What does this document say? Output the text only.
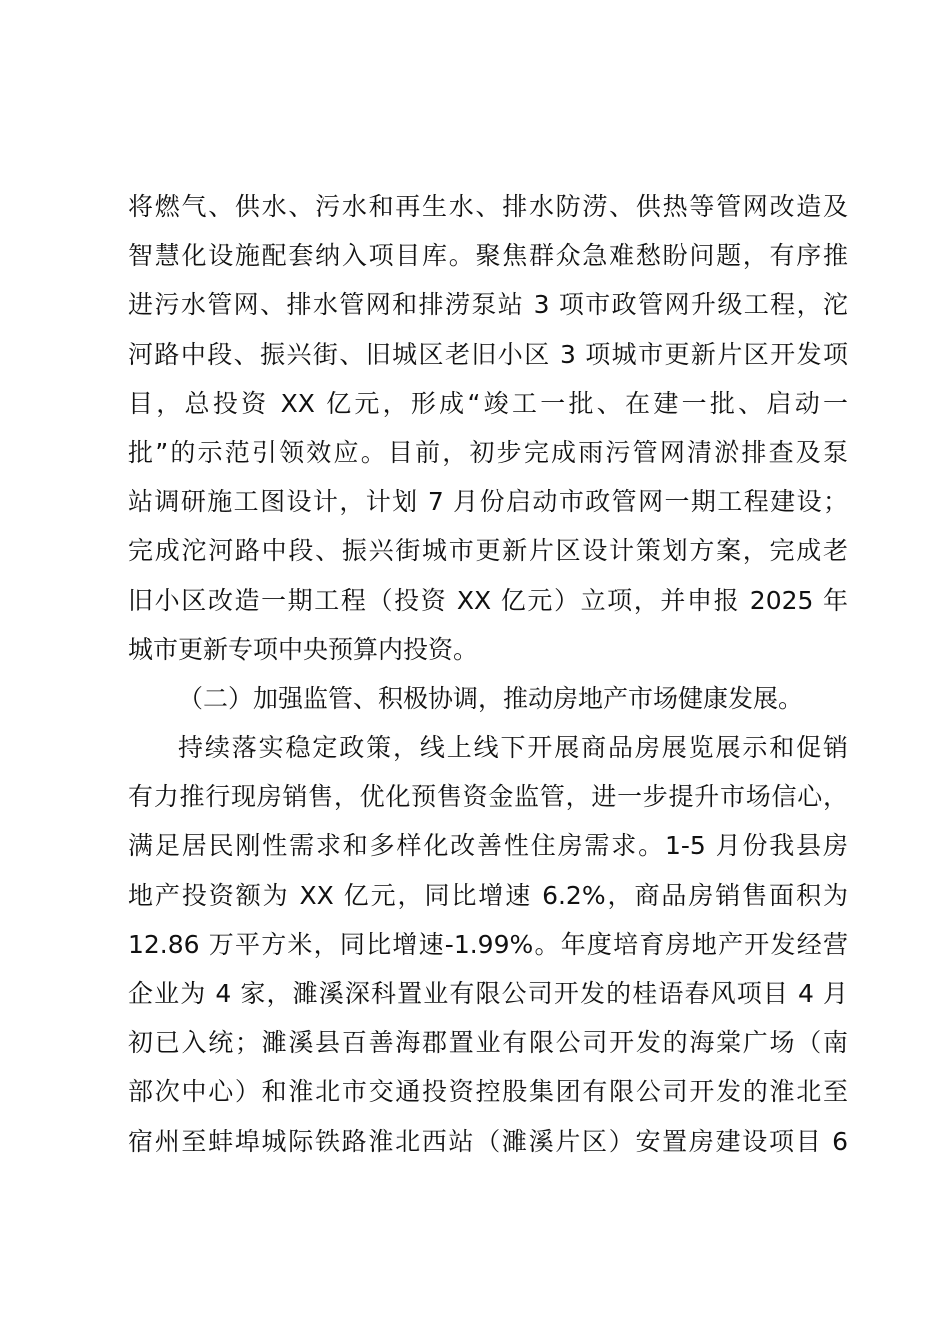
将燃气、供水、污水和再生水、排水防涝、供热等管网改造及
智慧化设施配套纳入项目库。聚焦群众急难愁盼问题，有序推
进污水管网、排水管网和排涝泵站 3 项市政管网升级工程，沱
河路中段、振兴街、旧城区老旧小区 3 项城市更新片区开发项
目，总投资 XX 亿元，形成“竣工一批、在建一批、启动一
批”的示范引领效应。目前，初步完成雨污管网清淤排查及泵
站调研施工图设计，计划 7 月份启动市政管网一期工程建设；
完成沱河路中段、振兴街城市更新片区设计策划方案，完成老
旧小区改造一期工程（投资 XX 亿元）立项，并申报 2025 年
城市更新专项中央预算内投资。
（二）加强监管、积极协调，推动房地产市场健康发展。
持续落实稳定政策，线上线下开展商品房展览展示和促销
有力推行现房销售，优化预售资金监管，进一步提升市场信心，
满足居民刚性需求和多样化改善性住房需求。1-5 月份我县房
地产投资额为 XX 亿元，同比增速 6.2%，商品房销售面积为
12.86 万平方米，同比增速-1.99%。年度培育房地产开发经营
企业为 4 家，濉溪深科置业有限公司开发的桂语春风项目 4 月
初已入统；濉溪县百善海郡置业有限公司开发的海棠广场（南
部次中心）和淮北市交通投资控股集团有限公司开发的淮北至
宿州至蚌埠城际铁路淮北西站（濉溪片区）安置房建设项目 6
